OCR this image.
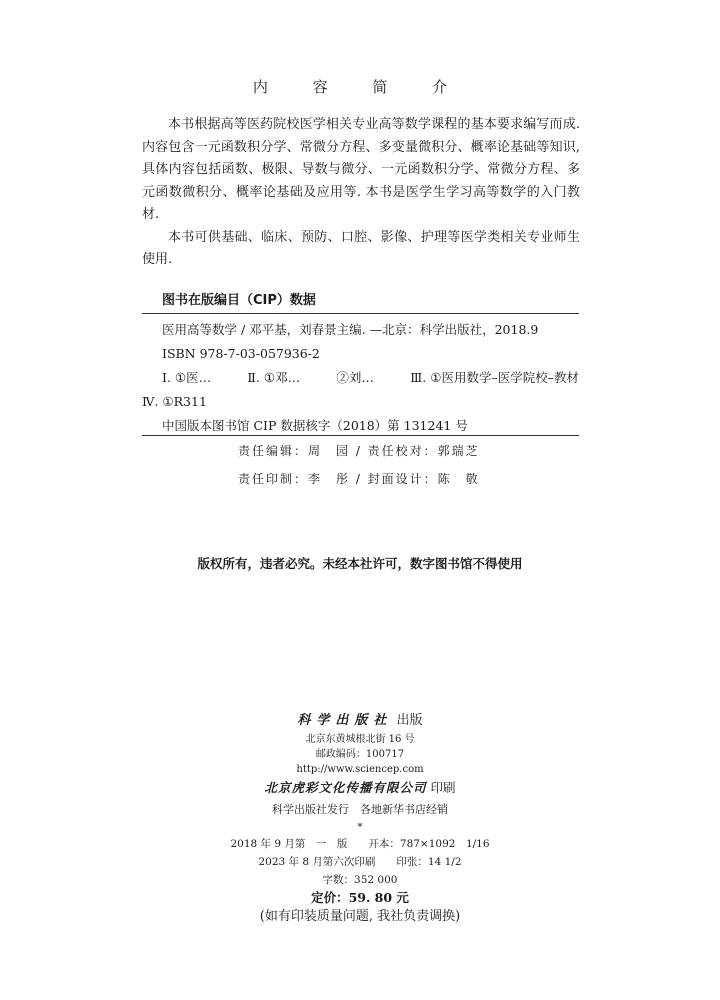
内 容 简 介

本书根据高等医药院校医学相关专业高等数学课程的基本要求编写而成. 内容包含一元函数积分学、常微分方程、多变量微积分、概率论基础等知识, 具体内容包括函数、极限、导数与微分、一元函数积分学、常微分方程、多元函数微积分、概率论基础及应用等. 本书是医学生学习高等数学的入门教材.

本书可供基础、临床、预防、口腔、影像、护理等医学类相关专业师生使用.

图书在版编目（CIP）数据
医用高等数学 / 邓平基，刘春景主编. —北京：科学出版社，2018.9
ISBN 978-7-03-057936-2
Ⅰ. ①医…	Ⅱ. ①邓…	②刘…	Ⅲ. ①医用数学–医学院校–教材
Ⅳ. ①R311
中国版本图书馆 CIP 数据核字（2018）第 131241 号
责任编辑：周　园 / 责任校对：郭瑞芝
责任印制：李　彤 / 封面设计：陈　敬
版权所有，违者必究。未经本社许可，数字图书馆不得使用
科学出版社 出版
北京东黄城根北街 16 号
邮政编码：100717
http://www.sciencep.com
北京虎彩文化传播有限公司 印刷
科学出版社发行　各地新华书店经销
*
2018 年 9 月第　一　版　　开本：787×1092　1/16
2023 年 8 月第六次印刷　　印张：14 1/2
字数：352 000
定价：59. 80 元
(如有印装质量问题, 我社负责调换)
